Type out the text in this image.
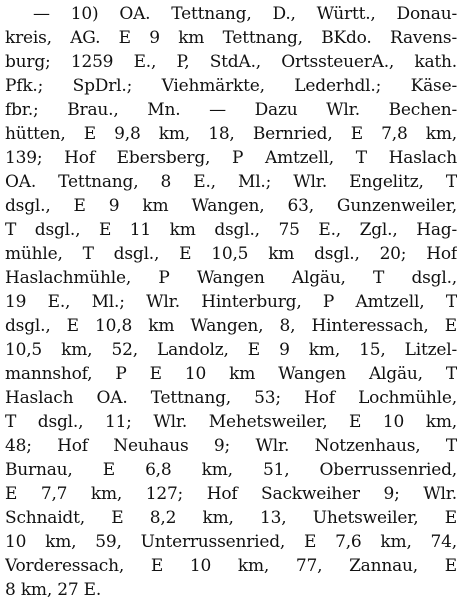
— 10) OA. Tettnang, D., Württ., Donau-
kreis, AG. E 9 km Tettnang, BKdo. Ravens-
burg; 1259 E., P, StdA., OrtssteuerA., kath.
Pfk.; SpDrl.; Viehmärkte, Lederhdl.; Käse-
fbr.; Brau., Mn. — Dazu Wlr. Bechen-
hütten, E 9,8 km, 18, Bernried, E 7,8 km,
139; Hof Ebersberg, P Amtzell, T Haslach
OA. Tettnang, 8 E., Ml.; Wlr. Engelitz, T
dsgl., E 9 km Wangen, 63, Gunzenweiler,
T dsgl., E 11 km dsgl., 75 E., Zgl., Hag-
mühle, T dsgl., E 10,5 km dsgl., 20; Hof
Haslachmühle, P Wangen Algäu, T dsgl.,
19 E., Ml.; Wlr. Hinterburg, P Amtzell, T
dsgl., E 10,8 km Wangen, 8, Hinteressach, E
10,5 km, 52, Landolz, E 9 km, 15, Litzel-
mannshof, P E 10 km Wangen Algäu, T
Haslach OA. Tettnang, 53; Hof Lochmühle,
T dsgl., 11; Wlr. Mehetsweiler, E 10 km,
48; Hof Neuhaus 9; Wlr. Notzenhaus, T
Burnau, E 6,8 km, 51, Oberrussenried,
E 7,7 km, 127; Hof Sackweiher 9; Wlr.
Schnaidt, E 8,2 km, 13, Uhetsweiler, E
10 km, 59, Unterrussenried, E 7,6 km, 74,
Vorderessach, E 10 km, 77, Zannau, E
8 km, 27 E.
